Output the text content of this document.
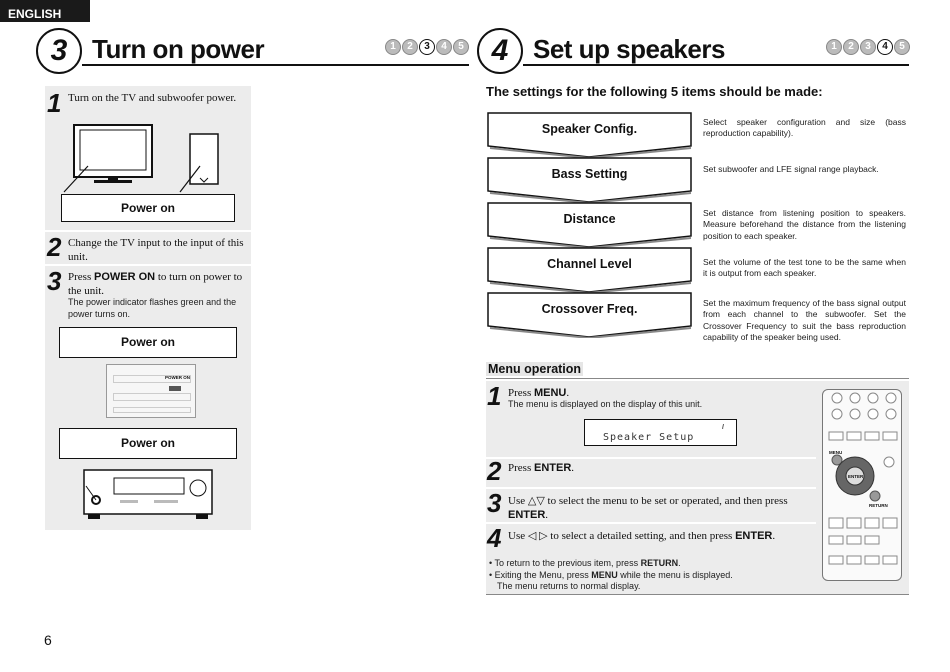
ENGLISH
3 Turn on power	1	2	3	4	5
1 Turn on the TV and subwoofer power.
Power on
2 Change the TV input to the input of this unit.
3 Press POWER ON to turn on power to the unit.
The power indicator flashes green and the power turns on.
Power on
POWER ON
Power on
6
4 Set up speakers	1	2	3	4	5
The settings for the following 5 items should be made:
Speaker Config.	Select speaker configuration and size (bass reproduction capability).
Bass Setting	Set subwoofer and LFE signal range playback.
Distance	Set distance from listening position to speakers. Measure beforehand the distance from the listening position to each speaker.
Channel Level	Set the volume of the test tone to be the same when it is output from each speaker.
Crossover Freq.	Set the maximum frequency of the bass signal output from each channel to the subwoofer. Set the Crossover Frequency to suit the bass reproduction capability of the speaker being used.
Menu operation
1 Press MENU.
The menu is displayed on the display of this unit.
Speaker Setup
ι
2 Press ENTER.
3 Use △▽ to select the menu to be set or operated, and then press ENTER.
4 Use ◁ ▷ to select a detailed setting, and then press ENTER.
• To return to the previous item, press RETURN.
• Exiting the Menu, press MENU while the menu is displayed.
The menu returns to normal display.
MENU
ENTER
RETURN
